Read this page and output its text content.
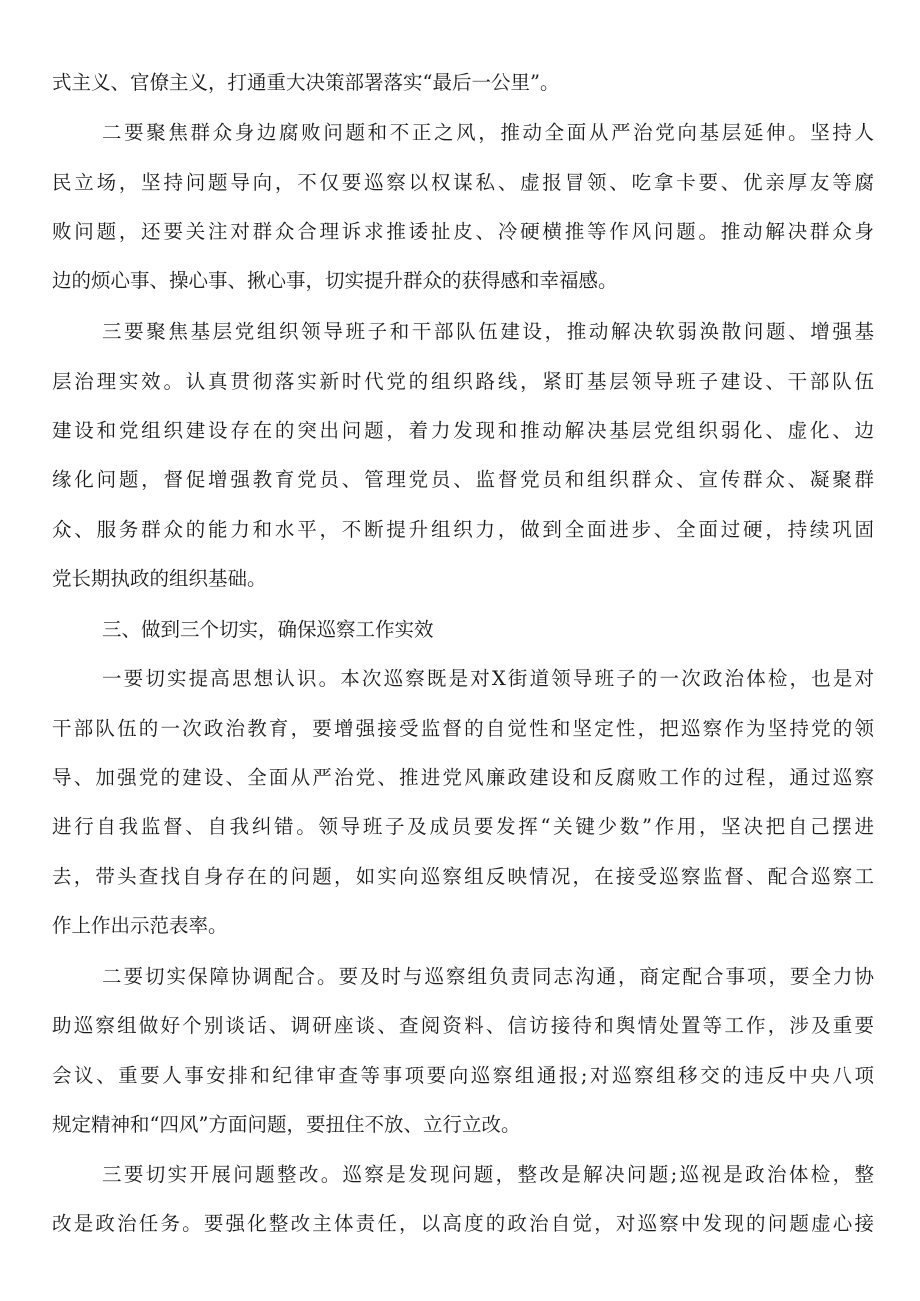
式主义、官僚主义，打通重大决策部署落实“最后一公里”。
二要聚焦群众身边腐败问题和不正之风，推动全面从严治党向基层延伸。坚持人
民立场，坚持问题导向，不仅要巡察以权谋私、虚报冒领、吃拿卡要、优亲厚友等腐
败问题，还要关注对群众合理诉求推诿扯皮、冷硬横推等作风问题。推动解决群众身
边的烦心事、操心事、揪心事，切实提升群众的获得感和幸福感。
三要聚焦基层党组织领导班子和干部队伍建设，推动解决软弱涣散问题、增强基
层治理实效。认真贯彻落实新时代党的组织路线，紧盯基层领导班子建设、干部队伍
建设和党组织建设存在的突出问题，着力发现和推动解决基层党组织弱化、虚化、边
缘化问题，督促增强教育党员、管理党员、监督党员和组织群众、宣传群众、凝聚群
众、服务群众的能力和水平，不断提升组织力，做到全面进步、全面过硬，持续巩固
党长期执政的组织基础。
三、做到三个切实，确保巡察工作实效
一要切实提高思想认识。本次巡察既是对X街道领导班子的一次政治体检，也是对
干部队伍的一次政治教育，要增强接受监督的自觉性和坚定性，把巡察作为坚持党的领
导、加强党的建设、全面从严治党、推进党风廉政建设和反腐败工作的过程，通过巡察
进行自我监督、自我纠错。领导班子及成员要发挥“关键少数”作用，坚决把自己摆进
去，带头查找自身存在的问题，如实向巡察组反映情况，在接受巡察监督、配合巡察工
作上作出示范表率。
二要切实保障协调配合。要及时与巡察组负责同志沟通，商定配合事项，要全力协
助巡察组做好个别谈话、调研座谈、查阅资料、信访接待和舆情处置等工作，涉及重要
会议、重要人事安排和纪律审查等事项要向巡察组通报;对巡察组移交的违反中央八项
规定精神和“四风”方面问题，要扭住不放、立行立改。
三要切实开展问题整改。巡察是发现问题，整改是解决问题;巡视是政治体检，整
改是政治任务。要强化整改主体责任，以高度的政治自觉，对巡察中发现的问题虚心接
